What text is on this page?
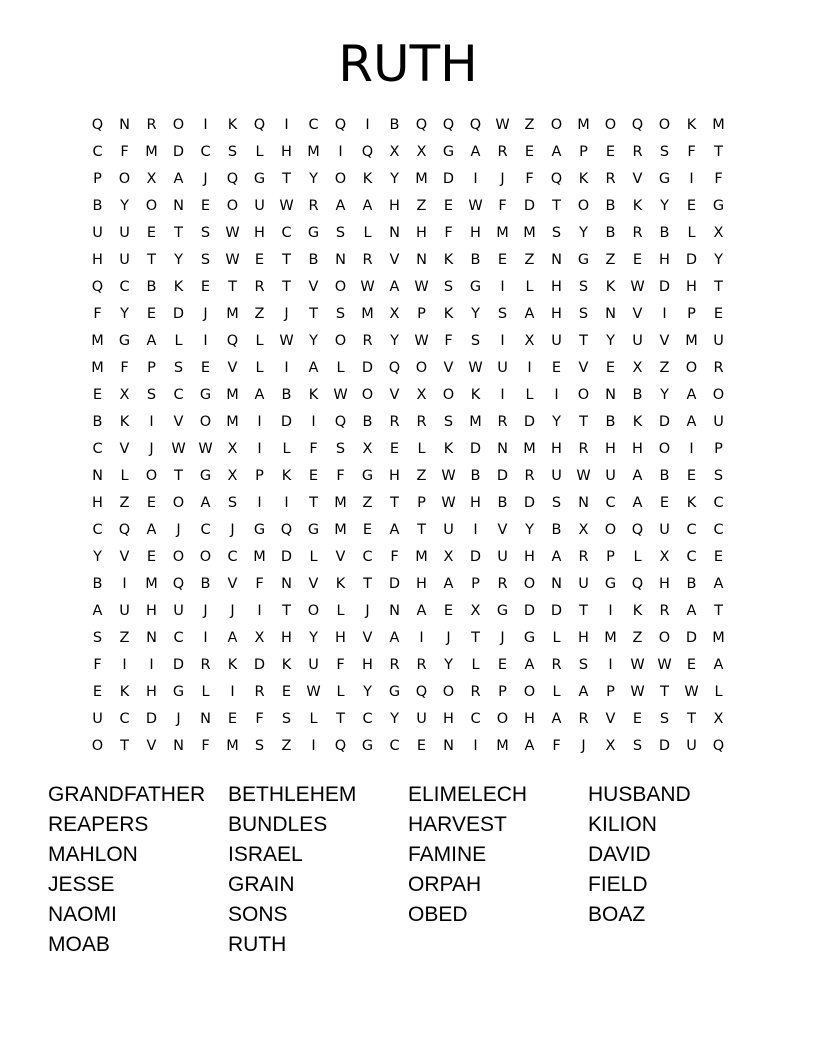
RUTH
Q	N	R	O	I	K	Q	I	C	Q	I	B	Q	Q	Q W	Z	O	M	O	Q	O	K	M
C	F	M	D	C	S	L	H	M	I	Q	X	X	G	A	R	E	A	P	E	R	S	F	T
P	O	X	A	J	Q	G	T	Y	O	K	Y	M	D	I	J	F	Q	K	R	V	G	I	F
B	Y	O	N	E	O	U	W	R	A	A	H	Z	E	W	F	D	T	O	B	K	Y	E	G
U	U	E	T	S	W H	C	G	S	L	N	H	F	H	M M	S	Y	B	R	B	L	X
H	U	T	Y	S	W	E	T	B	N	R	V	N	K	B	E	Z	N	G	Z	E	H	D	Y
Q	C	B	K	E	T	R	T	V	O W	A	W	S	G	I	L	H	S	K	W D	H	T
F	Y	E	D	J	M	Z	J	T	S	M	X	P	K	Y	S	A	H	S	N	V	I	P	E
M	G	A	L	I	Q	L	W	Y	O	R	Y	W	F	S	I	X	U	T	Y	U	V	M	U
M	F	P	S	E	V	L	I	A	L	D	Q	O	V	W	U	I	E	V	E	X	Z	O	R
E	X	S	C	G	M	A	B	K	W O	V	X	O	K	I	L	I	O	N	B	Y	A	O
B	K	I	V	O	M	I	D	I	Q	B	R	R	S	M	R	D	Y	T	B	K	D	A	U
C	V	J	W W	X	I	L	F	S	X	E	L	K	D	N	M	H	R	H	H	O	I	P
N	L	O	T	G	X	P	K	E	F	G	H	Z	W	B	D	R	U	W	U	A	B	E	S
H	Z	E	O	A	S	I	I	T	M	Z	T	P	W H	B	D	S	N	C	A	E	K	C
C	Q	A	J	C	J	G	Q	G	M	E	A	T	U	I	V	Y	B	X	O	Q	U	C	C
Y	V	E	O	O	C	M	D	L	V	C	F	M	X	D	U	H	A	R	P	L	X	C	E
B	I	M	Q	B	V	F	N	V	K	T	D	H	A	P	R	O	N	U	G	Q	H	B	A
A	U	H	U	J	J	I	T	O	L	J	N	A	E	X	G	D	D	T	I	K	R	A	T
S	Z	N	C	I	A	X	H	Y	H	V	A	I	J	T	J	G	L	H	M	Z	O	D	M
F	I	I	D	R	K	D	K	U	F	H	R	R	Y	L	E	A	R	S	I	W W	E	A
E	K	H	G	L	I	R	E	W	L	Y	G	Q	O	R	P	O	L	A	P	W	T	W	L
U	C	D	J	N	E	F	S	L	T	C	Y	U	H	C	O	H	A	R	V	E	S	T	X
O	T	V	N	F	M	S	Z	I	Q	G	C	E	N	I	M	A	F	J	X	S	D	U	Q
GRANDFATHER	BETHLEHEM	ELIMELECH	HUSBAND
REAPERS	BUNDLES	HARVEST	KILION
MAHLON	ISRAEL	FAMINE	DAVID
JESSE	GRAIN	ORPAH	FIELD
NAOMI	SONS	OBED	BOAZ
MOAB	RUTH
